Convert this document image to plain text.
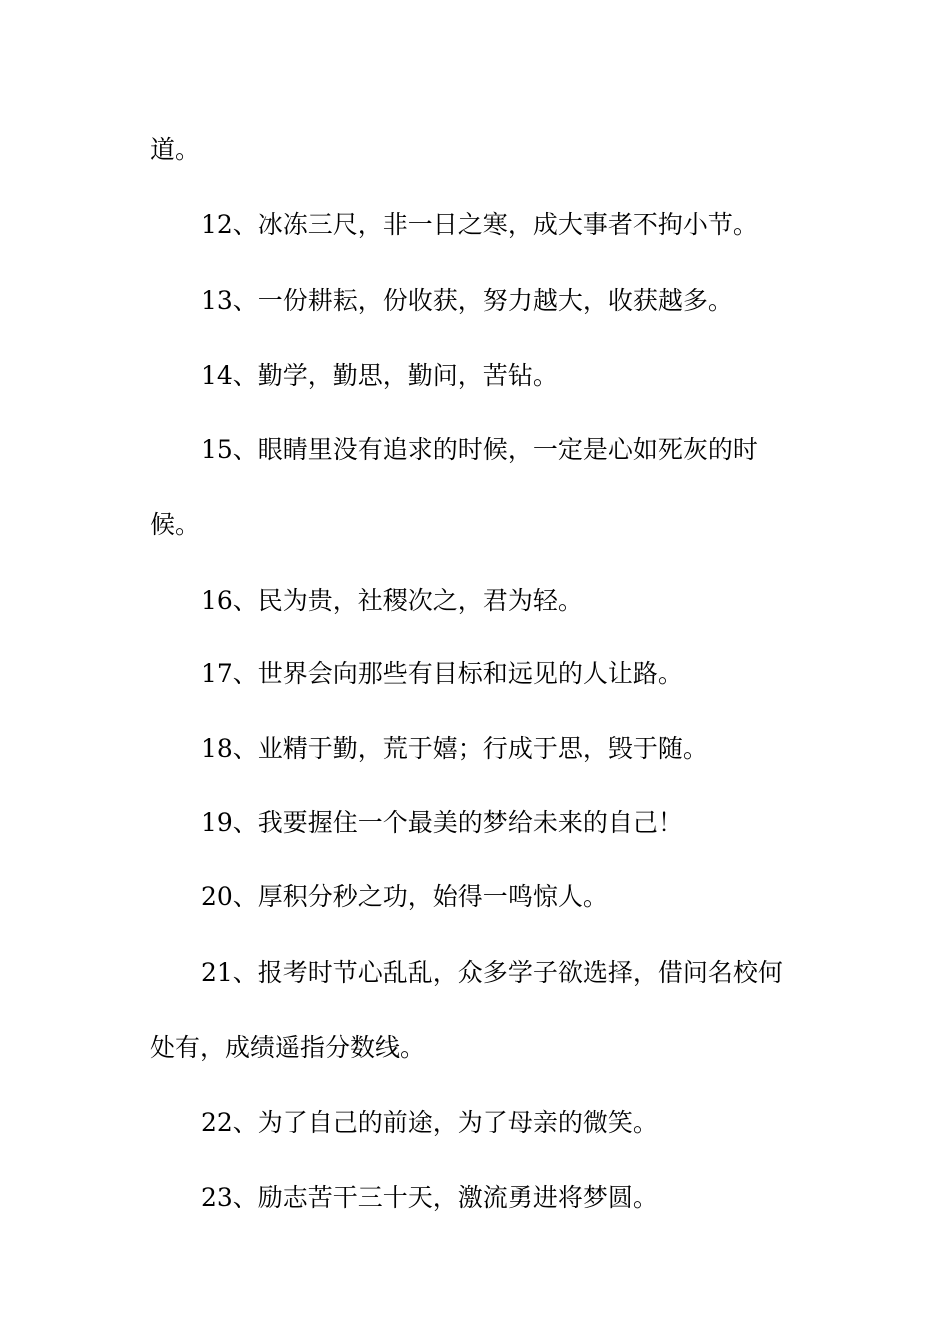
道。

12、冰冻三尺，非一日之寒，成大事者不拘小节。

13、一份耕耘，份收获，努力越大，收获越多。

14、勤学，勤思，勤问，苦钻。

15、眼睛里没有追求的时候，一定是心如死灰的时

候。

16、民为贵，社稷次之，君为轻。

17、世界会向那些有目标和远见的人让路。

18、业精于勤，荒于嬉；行成于思，毁于随。

19、我要握住一个最美的梦给未来的自己！

20、厚积分秒之功，始得一鸣惊人。

21、报考时节心乱乱，众多学子欲选择，借问名校何

处有，成绩遥指分数线。

22、为了自己的前途，为了母亲的微笑。

23、励志苦干三十天，激流勇进将梦圆。
